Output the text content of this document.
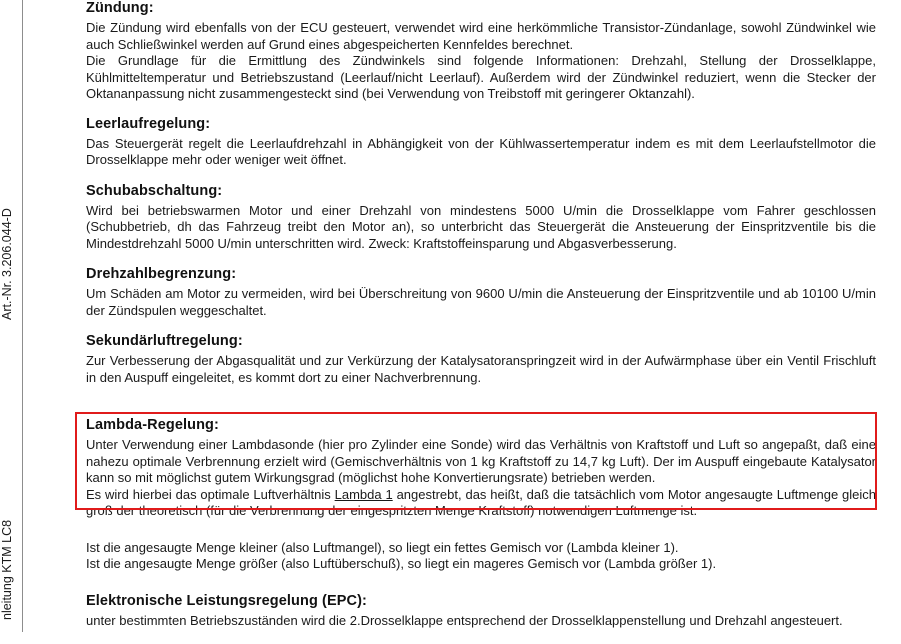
Art.-Nr. 3.206.044-D
nleitung KTM LC8
Zündung:

Die Zündung wird ebenfalls von der ECU gesteuert, verwendet wird eine herkömmliche Transistor-Zündanlage, sowohl Zündwinkel wie auch Schließwinkel werden auf Grund eines abgespeicherten Kennfeldes berechnet.

Die Grundlage für die Ermittlung des Zündwinkels sind folgende Informationen: Drehzahl, Stellung der Drosselklappe, Kühlmitteltemperatur und Betriebszustand (Leerlauf/nicht Leerlauf). Außerdem wird der Zündwinkel reduziert, wenn die Stecker der Oktananpassung nicht zusammengesteckt sind (bei Verwendung von Treibstoff mit geringerer Oktanzahl).

Leerlaufregelung:

Das Steuergerät regelt die Leerlaufdrehzahl in Abhängigkeit von der Kühlwassertemperatur indem es mit dem Leerlaufstellmotor die Drosselklappe mehr oder weniger weit öffnet.

Schubabschaltung:

Wird bei betriebswarmen Motor und einer Drehzahl von mindestens 5000 U/min die Drosselklappe vom Fahrer geschlossen (Schubbetrieb, dh das Fahrzeug treibt den Motor an), so unterbricht das Steuergerät die Ansteuerung der Einspritzventile bis die Mindestdrehzahl 5000 U/min unterschritten wird. Zweck: Kraftstoffeinsparung und Abgasverbesserung.

Drehzahlbegrenzung:

Um Schäden am Motor zu vermeiden, wird bei Überschreitung von 9600 U/min die Ansteuerung der Einspritzventile und ab 10100 U/min der Zündspulen weggeschaltet.

Sekundärluftregelung:

Zur Verbesserung der Abgasqualität und zur Verkürzung der Katalysatoranspringzeit wird in der Aufwärmphase über ein Ventil Frischluft in den Auspuff eingeleitet, es kommt dort zu einer Nachverbrennung.

Lambda-Regelung:

Unter Verwendung einer Lambdasonde (hier pro Zylinder eine Sonde) wird das Verhältnis von Kraftstoff und Luft so angepaßt, daß eine nahezu optimale Verbrennung erzielt wird (Gemischverhältnis von 1 kg Kraftstoff zu 14,7 kg Luft). Der im Auspuff eingebaute Katalysator kann so mit möglichst gutem Wirkungsgrad (möglichst hohe Konvertierungsrate) betrieben werden.

Es wird hierbei das optimale Luftverhältnis Lambda 1 angestrebt, das heißt, daß die tatsächlich vom Motor angesaugte Luftmenge gleich groß der theoretisch (für die Verbrennung der eingespritzten Menge Kraftstoff) notwendigen Luftmenge ist.

Ist die angesaugte Menge kleiner (also Luftmangel), so liegt ein fettes Gemisch vor (Lambda kleiner 1).

Ist die angesaugte Menge größer (also Luftüberschuß), so liegt ein mageres Gemisch vor (Lambda größer 1).

Elektronische Leistungsregelung (EPC):

unter bestimmten Betriebszuständen wird die 2.Drosselklappe entsprechend der Drosselklappenstellung und Drehzahl angesteuert.
